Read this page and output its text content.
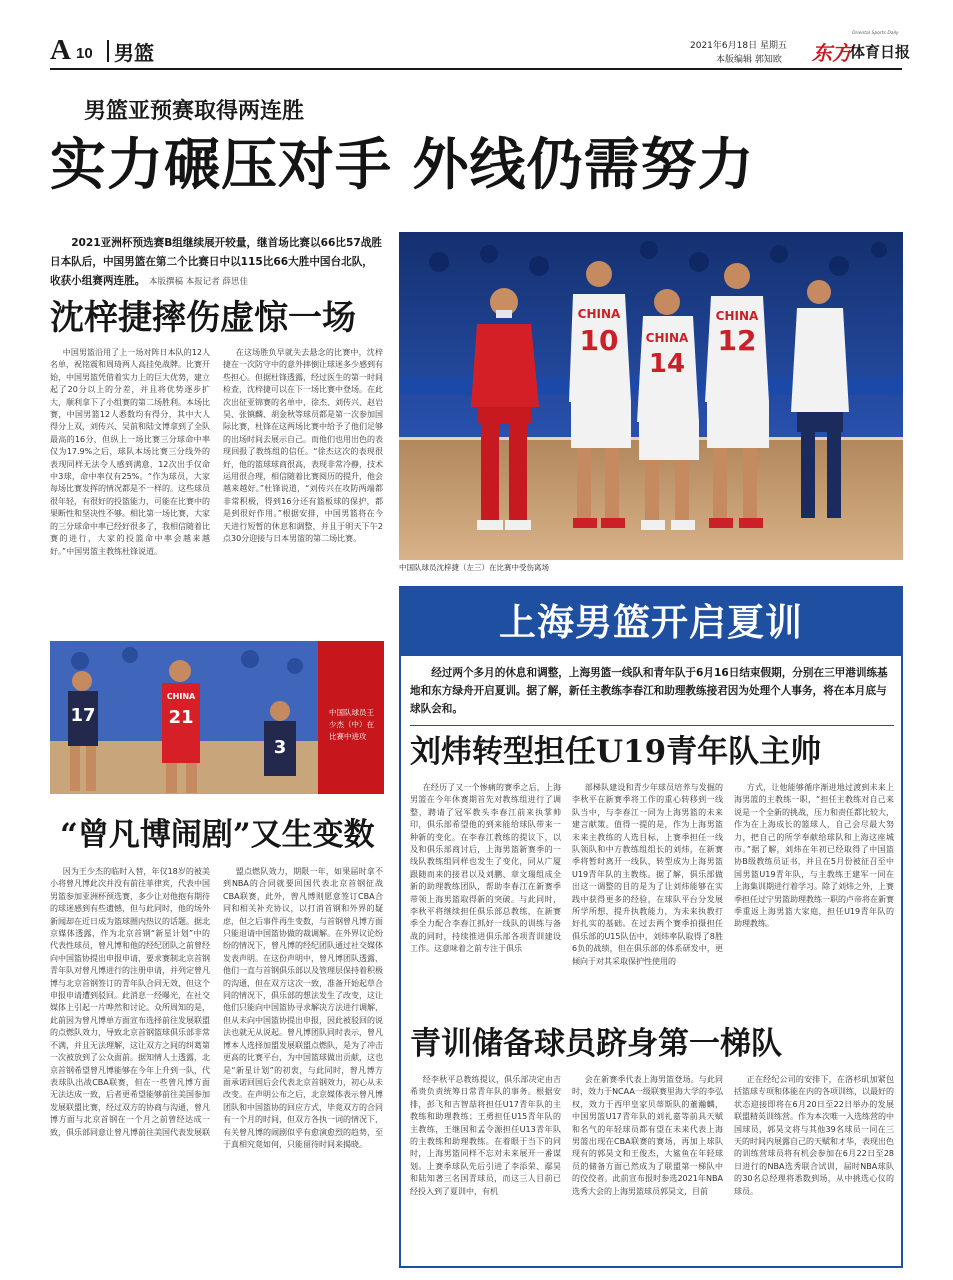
A 10 男篮	2021年6月18日 星期五
本版编辑 郭知欧
Oriental Sports Daily
东方
体育日报
男篮亚预赛取得两连胜
实力碾压对手 外线仍需努力
2021亚洲杯预选赛B组继续展开较量，继首场比赛以66比57战胜日本队后，中国男篮在第二个比赛日中以115比66大胜中国台北队，收获小组赛两连胜。 本版撰稿 本报记者 薛思佳
沈梓捷摔伤虚惊一场

中国男篮沿用了上一场对阵日本队的12人名单，祝铭震和周琦两人高挂免战牌。比赛开始，中国男篮凭借着实力上的巨大优势，建立起了20分以上的分差，并且将优势逐步扩大，顺利拿下了小组赛的第二场胜利。本场比赛，中国男篮12人悉数均有得分，其中大人得分上双，刘传兴、吴前和陆文博拿到了全队最高的16分，但纵上一场比赛三分球命中率仅为17.9%之后，球队本场比赛三分线外的表现同样无法令人感到满意，12次出手仅命中3球，命中率仅有25%。“作为球员，大家每场比赛发挥的情况都是不一样的。这些球员很年轻，有很好的投篮能力，可能在比赛中的果断性和坚决性不够。相比第一场比赛，大家的三分球命中率已经好很多了，我相信随着比赛的进行，大家的投篮命中率会越来越好。”中国男篮主教练杜锋说道。

在这场胜负早就失去悬念的比赛中，沈梓捷在一次防守中的意外摔倒让球迷多少感到有些担心。但据杜锋透露，经过医生的第一时间检查，沈梓捷可以在下一场比赛中登场。在此次出征亚锦赛的名单中，徐杰、刘传兴、赵岩昊、张镇麟、胡金秋等球员都是第一次参加国际比赛，杜锋在这两场比赛中给予了他们足够的出场时间去展示自己。而他们也用出色的表现回报了教练组的信任。“徐杰这次的表现很好，他的篮球球商很高，表现非常冷静，技术运用很合理，相信随着比赛阅历的提升，他会越来越好。”杜锋说道，“刘传兴在攻防两端都非常积极，得到16分还有篮板球的保护，都是到很好作用。”根据安排，中国男篮将在今天进行短暂的休息和调整，并且于明天下午2点30分迎接与日本男篮的第二场比赛。

CHINA
10 CHINA
14
CHINA
12
中国队球员沈梓捷（左三）在比赛中受伤离场
17
CHINA
21
3
中国队球员王少杰（中）在比赛中进攻
“曾凡博闹剧”又生变数

因为王少杰的临时入替，年仅18岁的被美小将曾凡博此次并没有前往菲律宾，代表中国男篮参加亚洲杯预选赛，多少让对他抱有期待的球迷感到有些遗憾，但与此同时，他的场外新闻却在近日成为篮球圈内热议的话题。据北京媒体透露，作为北京首钢“新星计划”中的代表性球员，曾凡博和他的经纪团队之前曾经向中国篮协提出申报申请，要求赛制北京首钢青年队对曾凡博进行的注册申请，并列定曾凡博与北京首钢签订的青年队合同无效，但这个申报申请遭到驳回。此消息一经曝光，在社交媒体上引起一片哗然和讨论。众所周知的是，此前因为曾凡博单方面宣布选择前往发展联盟的点燃队效力，导致北京首钢篮球俱乐部非常不满，并且无法理解，这让双方之间的纠葛第一次被放到了公众面前。据知情人士透露，北京首钢希望曾凡博能够在今年上升到一队，代表球队出战CBA联赛，但在一些曾凡博方面无法达成一致，后者更希望能够前往美国参加发展联盟比赛，经过双方的协商与沟通，曾凡博方面与北京首钢在一个月之前曾经达成一致，俱乐部同意让曾凡博前往美国代表发展联

盟点燃队效力，期限一年，如果届时拿不到NBA的合同就要回国代表北京首钢征战CBA联赛，此外，曾凡博则愿意签订CBA合同和相关补充协议，以打消首钢和外界的疑虑，但之后事件再生变数，与首钢曾凡博方面只能退请中国篮协做的裁调解。在外界议论纷纷的情况下，曾凡博的经纪团队通过社交媒体发表声明。在这份声明中，曾凡博团队透露，他们一直与首钢俱乐部以及管理层保持着积极的沟通，但在双方这次一致，准备开始起草合同的情况下，俱乐部的想法发生了改变，这让他们只能向中国篮协寻求解决方法进行调解，但从未向中国篮协提出申报，因此被驳回的说法也就无从说起。曾凡博团队同时表示，曾凡博本人选择加盟发展联盟点燃队，是为了冲击更高的比赛平台，为中国篮球做出贡献，这也是“新星计划”的初衷，与此同时，曾凡博方面承诺回国后会代表北京首钢效力，初心从未改变。在声明公布之后，北京媒体表示曾凡博团队和中国篮协的回应方式，毕竟双方的合同有一个月的时间，但双方各执一词的情况下，有关曾凡博的闹剧似乎有愈演愈烈的趋势，至于真相究竟如何，只能留待时间来揭晓。

上海男篮开启夏训
经过两个多月的休息和调整，上海男篮一线队和青年队于6月16日结束假期，分别在三甲港训练基地和东方绿舟开启夏训。据了解，新任主教练李春江和助理教练接君因为处理个人事务，将在本月底与球队会和。
刘炜转型担任U19青年队主帅

在经历了又一个惨痛的赛季之后，上海男篮在今年休赛期首先对教练组进行了调整，聘请了冠军教头李春江前来执掌帅印，俱乐部希望他的到来能给球队带来一种新的变化。在李春江教练的提议下，以及和俱乐部商讨后，上海男篮新赛季的一线队教练组同样也发生了变化，同从广厦跟随而来的接君以及刘鹏、章文瑞组成全新的助理教练团队，帮助李春江在新赛季带领上海男篮取得新的突破。与此同时，李秋平将继续担任俱乐部总教练，在新赛季全力配合李春江抓好一线队的训练与备战的同时，持续推进俱乐部各项青训建设工作。这意味着之前专注于俱乐

部梯队建设和青少年球员培养与发掘的李秋平在新赛季将工作的重心转移到一线队当中，与李春江一同为上海男篮的未来建言献策。值得一提的是，作为上海男篮未来主教练的人选目标，上赛季担任一线队领队和中方教练组组长的刘炜，在新赛季将暂时离开一线队，转型成为上海男篮U19青年队的主教练。据了解，俱乐部做出这一调整的目的是为了让刘炜能够在实践中获得更多的经验，在球队平台分发展所学所想，提升执教能力，为未来执教打好扎实的基础。在过去两个赛季拍摄担任俱乐部的U15队伍中，刘炜率队取得了8胜6负的战绩，但在俱乐部的体系研发中，更倾向于对其采取保护性使用的

方式，让他能够循序渐进地过渡到未来上海男篮的主教练一职，“担任主教练对自己来说是一个全新的挑战，压力和责任都比较大，作为在上海成长的篮球人，自己会尽最大努力，把自己的所学奉献给球队和上海这座城市。”据了解，刘炜在年初已经取得了中国篮协B级教练员证书，并且在5月份被征召至中国男篮U19青年队，与主教练王建军一同在上海集训期进行着学习。除了刘炜之外，上赛季担任过宁男篮助理教练一职的卢帝将在新赛季重返上海男篮大家庭，担任U19青年队的助理教练。

青训储备球员跻身第一梯队

经李秋平总教练提议，俱乐部决定由吉希贵负责统筹日常青年队的事务。根据安排，彭飞和吉智喆将担任U17青年队的主教练和助理教练；王勇担任U15青年队的主教练，王继国和孟令源担任U13青年队的主教练和助理教练。在着眼于当下的同时，上海男篮同样不忘对未来展开一番谋划。上赛季球队先后引进了李添荣、鄢昊和陆知著三名国青球员，而这三人目前已经投入到了夏训中，有机

会在新赛季代表上海男篮登场。与此同时，效力于NCAA一级联赛里海大学的李弘权，效力于西甲皇家贝蒂斯队的董瀚麟，中国男篮U17青年队的刘礼嘉等前具天赋和名气的年轻球员都有望在未来代表上海男篮出现在CBA联赛的赛场，再加上球队现有的郭昊文和王俊杰，大鲨鱼在年轻球员的储备方面已然成为了联盟第一梯队中的佼佼者。此前宣布报时参选2021年NBA选秀大会的上海男篮球员郭昊文，目前

正在经纪公司的安排下，在洛杉矶加紧包括篮球专项和体能在内的各项训练，以最好的状态迎接即将在6月20日至22日举办的发展联盟精英训练营。作为本次唯一入选练营的中国球员，郭昊文将与其他39名球员一同在三天的时间内展露自己的天赋和才华，表现出色的训练营球员将有机会参加在6月22日至28日进行的NBA选秀联合试训，届时NBA球队的30名总经理将悉数到场，从中挑选心仪的球员。
